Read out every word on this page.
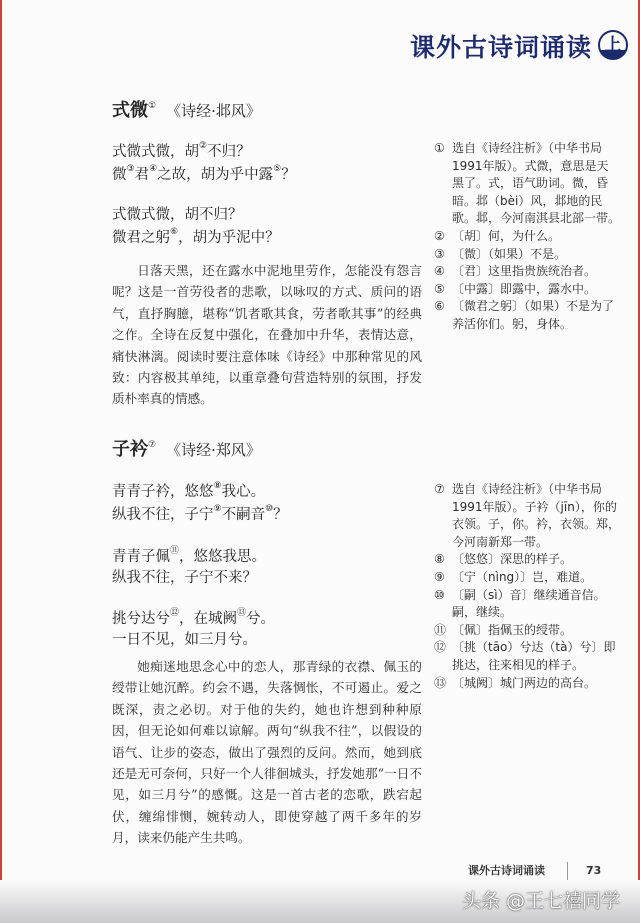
课外古诗词诵读 上
式微① 《诗经·邶风》
式微式微，胡②不归？
微③君④之故，胡为乎中露⑤？
式微式微，胡不归？
微君之躬⑥，胡为乎泥中？
日落天黑，还在露水中泥地里劳作，怎能没有怨言呢？这是一首劳役者的悲歌，以咏叹的方式、质问的语气，直抒胸臆，堪称“饥者歌其食，劳者歌其事”的经典之作。全诗在反复中强化，在叠加中升华，表情达意，痛快淋漓。阅读时要注意体味《诗经》中那种常见的风致：内容极其单纯，以重章叠句营造特别的氛围，抒发质朴率真的情感。
① 选自《诗经注析》（中华书局1991年版）。式微，意思是天黑了。式，语气助词。微，昏暗。邶（bèi）风，邶地的民歌。邶，今河南淇县北部一带。
② 〔胡〕何，为什么。
③ 〔微〕（如果）不是。
④ 〔君〕这里指贵族统治者。
⑤ 〔中露〕即露中，露水中。
⑥ 〔微君之躬〕（如果）不是为了养活你们。躬，身体。
子衿⑦ 《诗经·郑风》
青青子衿，悠悠⑧我心。
纵我不往，子宁⑨不嗣音⑩？
青青子佩⑪，悠悠我思。
纵我不往，子宁不来？
挑兮达兮⑫，在城阙⑬兮。
一日不见，如三月兮。
她痴迷地思念心中的恋人，那青绿的衣襟、佩玉的绶带让她沉醉。约会不遇，失落惆怅，不可遏止。爱之既深，责之必切。对于他的失约，她也许想到种种原因，但无论如何难以谅解。两句“纵我不往”，以假设的语气、让步的姿态，做出了强烈的反问。然而，她到底还是无可奈何，只好一个人徘徊城头，抒发她那“一日不见，如三月兮”的感慨。这是一首古老的恋歌，跌宕起伏，缠绵悱恻，婉转动人，即使穿越了两千多年的岁月，读来仍能产生共鸣。
⑦ 选自《诗经注析》（中华书局1991年版）。子衿（jīn），你的衣领。子，你。衿，衣领。郑，今河南新郑一带。
⑧ 〔悠悠〕深思的样子。
⑨ 〔宁（nìng）〕岂，难道。
⑩ 〔嗣（sì）音〕继续通音信。嗣，继续。
⑪ 〔佩〕指佩玉的绶带。
⑫ 〔挑（tāo）兮达（tà）兮〕即挑达，往来相见的样子。
⑬ 〔城阙〕城门两边的高台。
课外古诗词诵读	73
头条 @王七禧同学
